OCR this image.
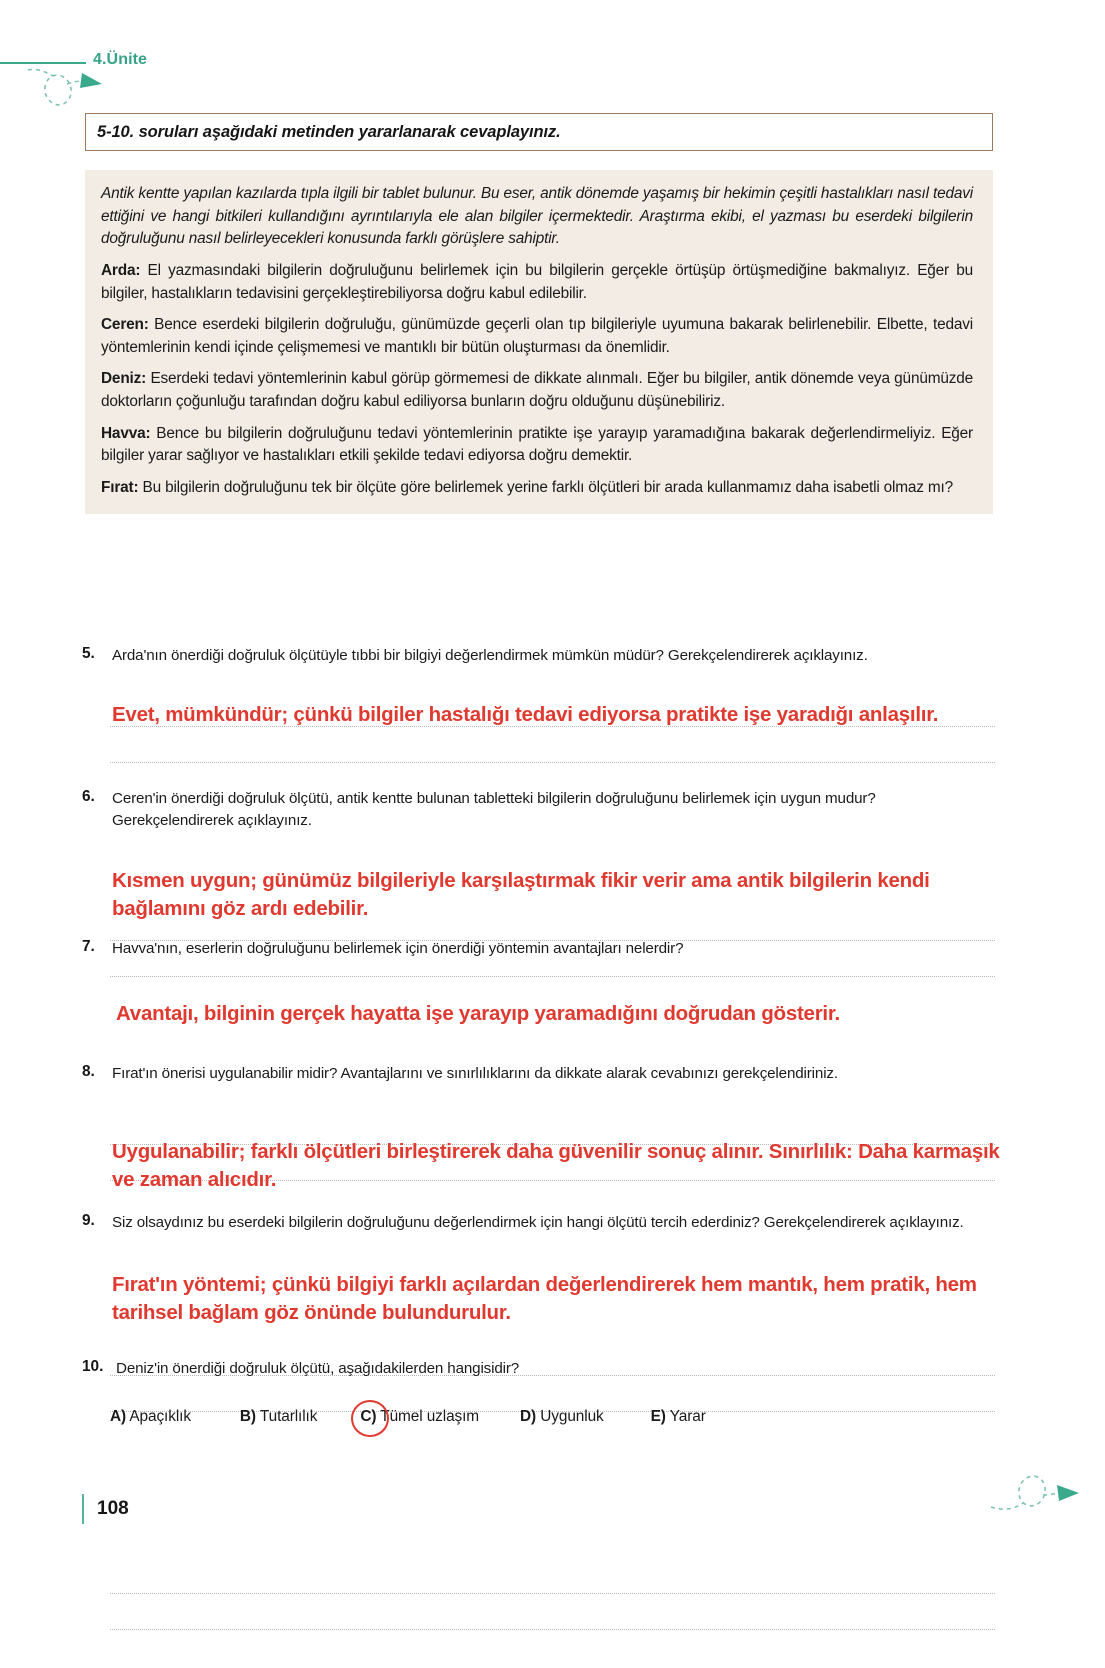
4.Ünite
5-10. soruları aşağıdaki metinden yararlanarak cevaplayınız.

Antik kentte yapılan kazılarda tıpla ilgili bir tablet bulunur. Bu eser, antik dönemde yaşamış bir hekimin çeşitli hastalıkları nasıl tedavi ettiğini ve hangi bitkileri kullandığını ayrıntılarıyla ele alan bilgiler içermektedir. Araştırma ekibi, el yazması bu eserdeki bilgilerin doğruluğunu nasıl belirleyecekleri konusunda farklı görüşlere sahiptir.

Arda: El yazmasındaki bilgilerin doğruluğunu belirlemek için bu bilgilerin gerçekle örtüşüp örtüşmediğine bakmalıyız. Eğer bu bilgiler, hastalıkların tedavisini gerçekleştirebiliyorsa doğru kabul edilebilir.

Ceren: Bence eserdeki bilgilerin doğruluğu, günümüzde geçerli olan tıp bilgileriyle uyumuna bakarak belirlenebilir. Elbette, tedavi yöntemlerinin kendi içinde çelişmemesi ve mantıklı bir bütün oluşturması da önemlidir.

Deniz: Eserdeki tedavi yöntemlerinin kabul görüp görmemesi de dikkate alınmalı. Eğer bu bilgiler, antik dönemde veya günümüzde doktorların çoğunluğu tarafından doğru kabul ediliyorsa bunların doğru olduğunu düşünebiliriz.

Havva: Bence bu bilgilerin doğruluğunu tedavi yöntemlerinin pratikte işe yarayıp yaramadığına bakarak değerlendirmeliyiz. Eğer bilgiler yarar sağlıyor ve hastalıkları etkili şekilde tedavi ediyorsa doğru demektir.

Fırat: Bu bilgilerin doğruluğunu tek bir ölçüte göre belirlemek yerine farklı ölçütleri bir arada kullanmamız daha isabetli olmaz mı?

5.	Arda'nın önerdiği doğruluk ölçütüyle tıbbi bir bilgiyi değerlendirmek mümkün müdür? Gerekçelendirerek açıklayınız.
Evet, mümkündür; çünkü bilgiler hastalığı tedavi ediyorsa pratikte işe yaradığı anlaşılır.
6.	Ceren'in önerdiği doğruluk ölçütü, antik kentte bulunan tabletteki bilgilerin doğruluğunu belirlemek için uygun mudur? Gerekçelendirerek açıklayınız.
Kısmen uygun; günümüz bilgileriyle karşılaştırmak fikir verir ama antik bilgilerin kendi bağlamını göz ardı edebilir.
7.	Havva'nın, eserlerin doğruluğunu belirlemek için önerdiği yöntemin avantajları nelerdir?
Avantajı, bilginin gerçek hayatta işe yarayıp yaramadığını doğrudan gösterir.
8.	Fırat'ın önerisi uygulanabilir midir? Avantajlarını ve sınırlılıklarını da dikkate alarak cevabınızı gerekçelendiriniz.
Uygulanabilir; farklı ölçütleri birleştirerek daha güvenilir sonuç alınır. Sınırlılık: Daha karmaşık ve zaman alıcıdır.
9.	Siz olsaydınız bu eserdeki bilgilerin doğruluğunu değerlendirmek için hangi ölçütü tercih ederdiniz? Gerekçelendirerek açıklayınız.
Fırat'ın yöntemi; çünkü bilgiyi farklı açılardan değerlendirerek hem mantık, hem pratik, hem tarihsel bağlam göz önünde bulundurulur.
10. Deniz'in önerdiği doğruluk ölçütü, aşağıdakilerden hangisidir?
A) Apaçıklık	B) Tutarlılık	C) Tümel uzlaşım	D) Uygunluk	E) Yarar
108
